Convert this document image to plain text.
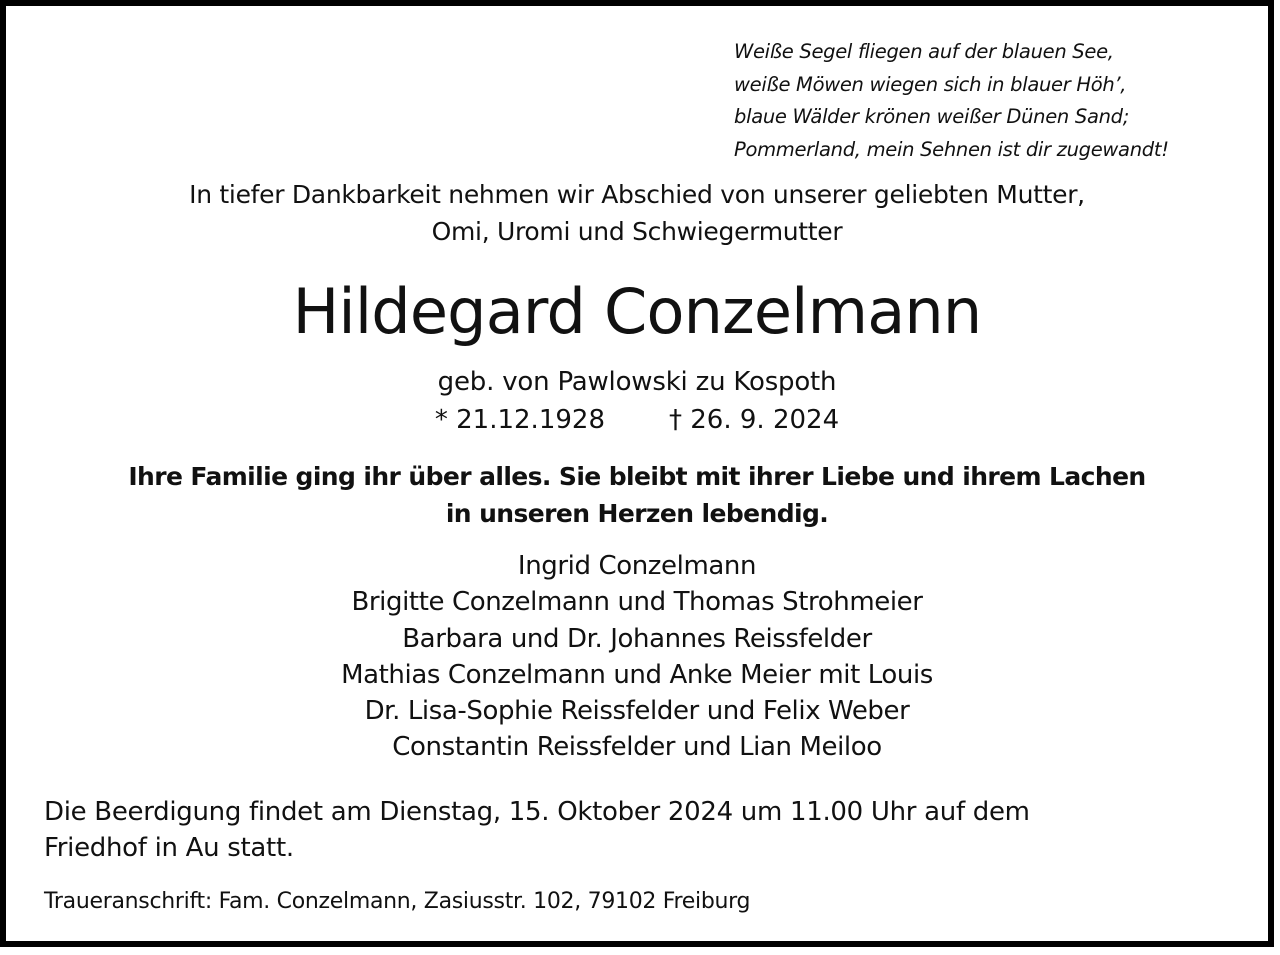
Weiße Segel fliegen auf der blauen See,
weiße Möwen wiegen sich in blauer Höh’,
blaue Wälder krönen weißer Dünen Sand;
Pommerland, mein Sehnen ist dir zugewandt!
In tiefer Dankbarkeit nehmen wir Abschied von unserer geliebten Mutter,
Omi, Uromi und Schwiegermutter
Hildegard Conzelmann
geb. von Pawlowski zu Kospoth
* 21.12.1928 † 26. 9. 2024
Ihre Familie ging ihr über alles. Sie bleibt mit ihrer Liebe und ihrem Lachen
in unseren Herzen lebendig.
Ingrid Conzelmann
Brigitte Conzelmann und Thomas Strohmeier
Barbara und Dr. Johannes Reissfelder
Mathias Conzelmann und Anke Meier mit Louis
Dr. Lisa-Sophie Reissfelder und Felix Weber
Constantin Reissfelder und Lian Meiloo
Die Beerdigung findet am Dienstag, 15. Oktober 2024 um 11.00 Uhr auf dem
Friedhof in Au statt.
Traueranschrift: Fam. Conzelmann, Zasiusstr. 102, 79102 Freiburg
